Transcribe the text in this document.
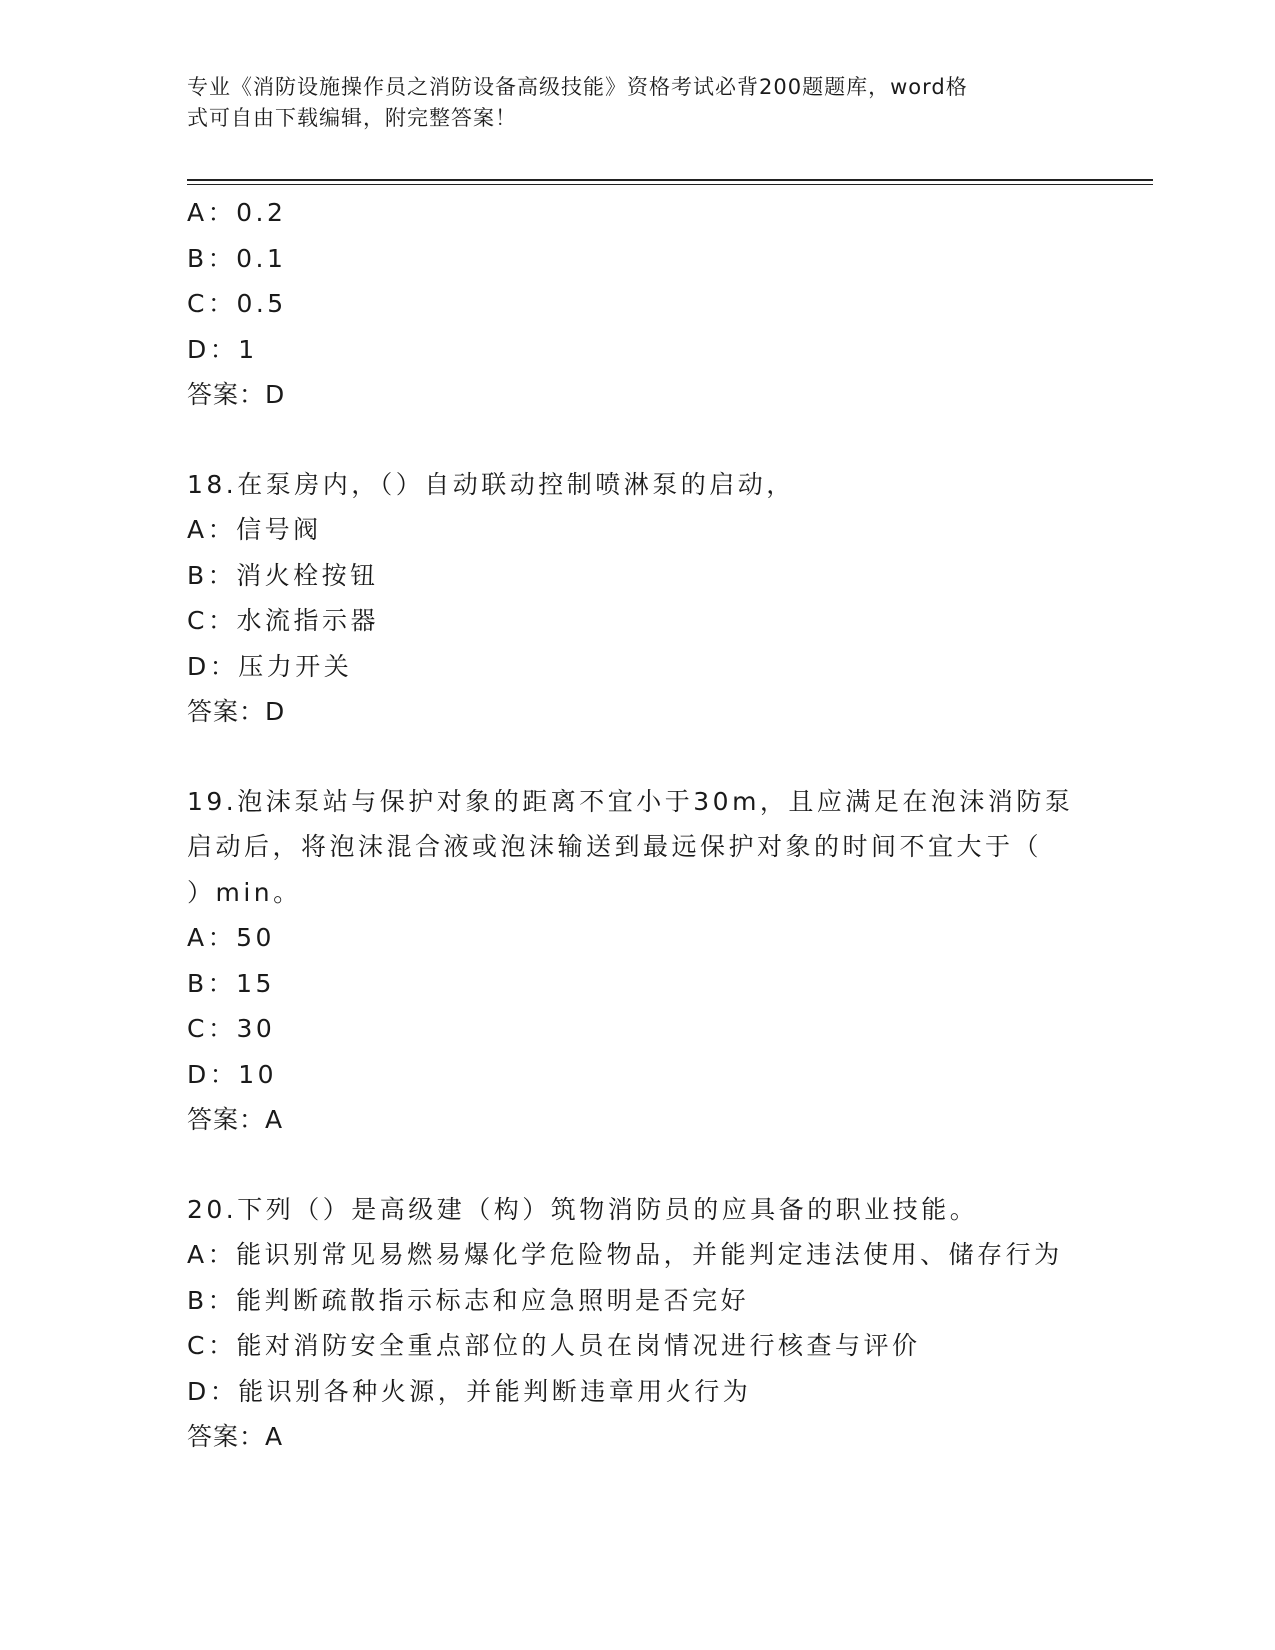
专业《消防设施操作员之消防设备高级技能》资格考试必背200题题库，word格
式可自由下载编辑，附完整答案！
A：0.2
B：0.1
C：0.5
D：1
答案：D
18.在泵房内，（）自动联动控制喷淋泵的启动，
A：信号阀
B：消火栓按钮
C：水流指示器
D：压力开关
答案：D
19.泡沫泵站与保护对象的距离不宜小于30m，且应满足在泡沫消防泵
启动后，将泡沫混合液或泡沫输送到最远保护对象的时间不宜大于（
）min。
A：50
B：15
C：30
D：10
答案：A
20.下列（）是高级建（构）筑物消防员的应具备的职业技能。
A：能识别常见易燃易爆化学危险物品，并能判定违法使用、储存行为
B：能判断疏散指示标志和应急照明是否完好
C：能对消防安全重点部位的人员在岗情况进行核查与评价
D：能识别各种火源，并能判断违章用火行为
答案：A
